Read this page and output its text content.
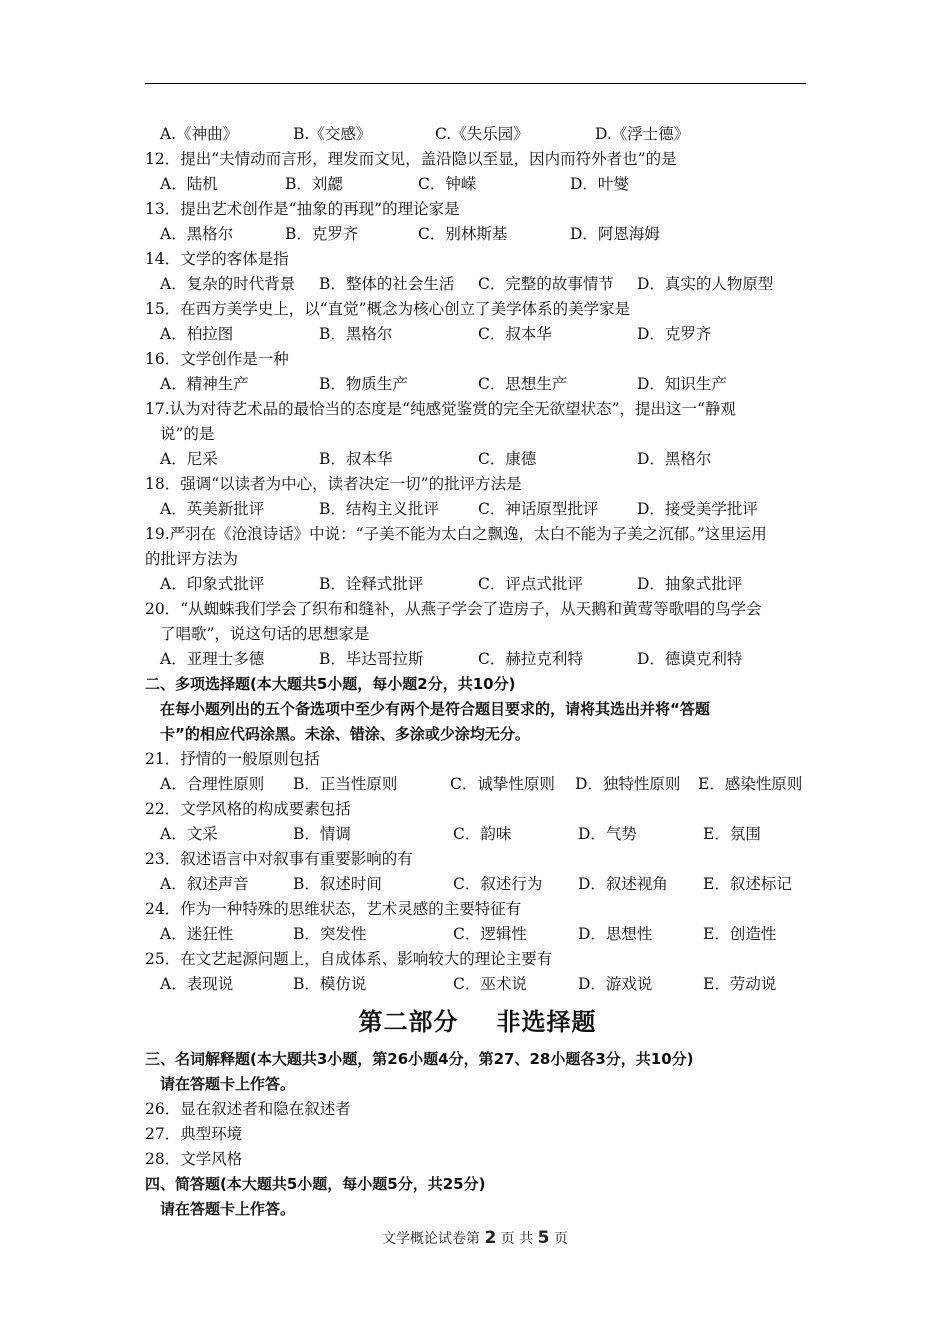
A.《神曲》	B.《交感》	C.《失乐园》	D.《浮士德》
12．提出“夫情动而言形，理发而文见，盖沿隐以至显，因内而符外者也”的是
A．陆机	B．刘勰	C．钟嵘	D．叶燮
13．提出艺术创作是“抽象的再现”的理论家是
A．黑格尔	B．克罗齐	C．别林斯基	D．阿恩海姆
14．文学的客体是指
A．复杂的时代背景 B．整体的社会生活 C．完整的故事情节 D．真实的人物原型
15．在西方美学史上，以“直觉”概念为核心创立了美学体系的美学家是
A．柏拉图	B．黑格尔	C．叔本华	D．克罗齐
16．文学创作是一种
A．精神生产	B．物质生产	C．思想生产	D．知识生产
17.认为对待艺术品的最恰当的态度是“纯感觉鉴赏的完全无欲望状态”，提出这一“静观
说”的是
A．尼采	B．叔本华	C．康德	D．黑格尔
18．强调“以读者为中心，读者决定一切”的批评方法是
A．英美新批评	B．结构主义批评	C．神话原型批评 D．接受美学批评
19.严羽在《沧浪诗话》中说：“子美不能为太白之飘逸，太白不能为子美之沉郁。”这里运用
的批评方法为
A．印象式批评	B．诠释式批评	C．评点式批评	D．抽象式批评
20．“从蜘蛛我们学会了织布和缝补，从燕子学会了造房子，从天鹅和黄莺等歌唱的鸟学会
了唱歌”，说这句话的思想家是
A．亚理士多德	B．毕达哥拉斯	C．赫拉克利特	D．德谟克利特
二、多项选择题(本大题共5小题，每小题2分，共10分)
在每小题列出的五个备选项中至少有两个是符合题目要求的，请将其选出并将“答题
卡”的相应代码涂黑。未涂、错涂、多涂或少涂均无分。
21．抒情的一般原则包括
A．合理性原则 B．正当性原则	C．诚挚性原则 D．独特性原则 E．感染性原则
22．文学风格的构成要素包括
A．文采	B．情调	C．韵味	D．气势	E．氛围
23．叙述语言中对叙事有重要影响的有
A．叙述声音	B．叙述时间	C．叙述行为 D．叙述视角 E．叙述标记
24．作为一种特殊的思维状态，艺术灵感的主要特征有
A．迷狂性	B．突发性	C．逻辑性	D．思想性	E．创造性
25．在文艺起源问题上，自成体系、影响较大的理论主要有
A．表现说	B．模仿说	C．巫术说	D．游戏说	E．劳动说
第二部分 非选择题
三、名词解释题(本大题共3小题，第26小题4分，第27、28小题各3分，共10分)
请在答题卡上作答。
26．显在叙述者和隐在叙述者
27．典型环境
28．文学风格
四、简答题(本大题共5小题，每小题5分，共25分)
请在答题卡上作答。
文学概论试卷第 2 页 共 5 页
